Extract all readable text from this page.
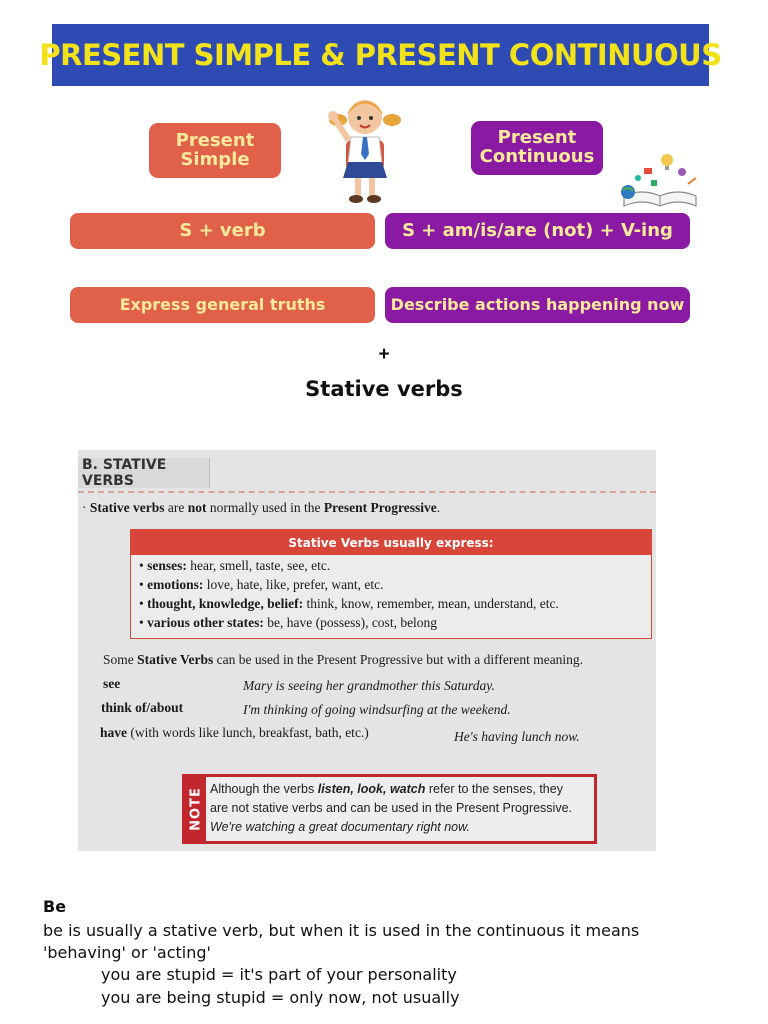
PRESENT SIMPLE & PRESENT CONTINUOUS
Present
Simple
Present
Continuous
S + verb	S + am/is/are (not) + V-ing
Express general truths	Describe actions happening now
+
Stative verbs
B. STATIVE VERBS
· Stative verbs are not normally used in the Present Progressive.
Stative Verbs usually express:
• senses: hear, smell, taste, see, etc.
• emotions: love, hate, like, prefer, want, etc.
• thought, knowledge, belief: think, know, remember, mean, understand, etc.
• various other states: be, have (possess), cost, belong
Some Stative Verbs can be used in the Present Progressive but with a different meaning.
see	Mary is seeing her grandmother this Saturday.
think of/about	I'm thinking of going windsurfing at the weekend.
have (with words like lunch, breakfast, bath, etc.)	He's having lunch now.
NOTE Although the verbs listen, look, watch refer to the senses, they
are not stative verbs and can be used in the Present Progressive.
We're watching a great documentary right now.
Be
be is usually a stative verb, but when it is used in the continuous it means 'behaving' or 'acting'
you are stupid = it's part of your personality
you are being stupid = only now, not usually
